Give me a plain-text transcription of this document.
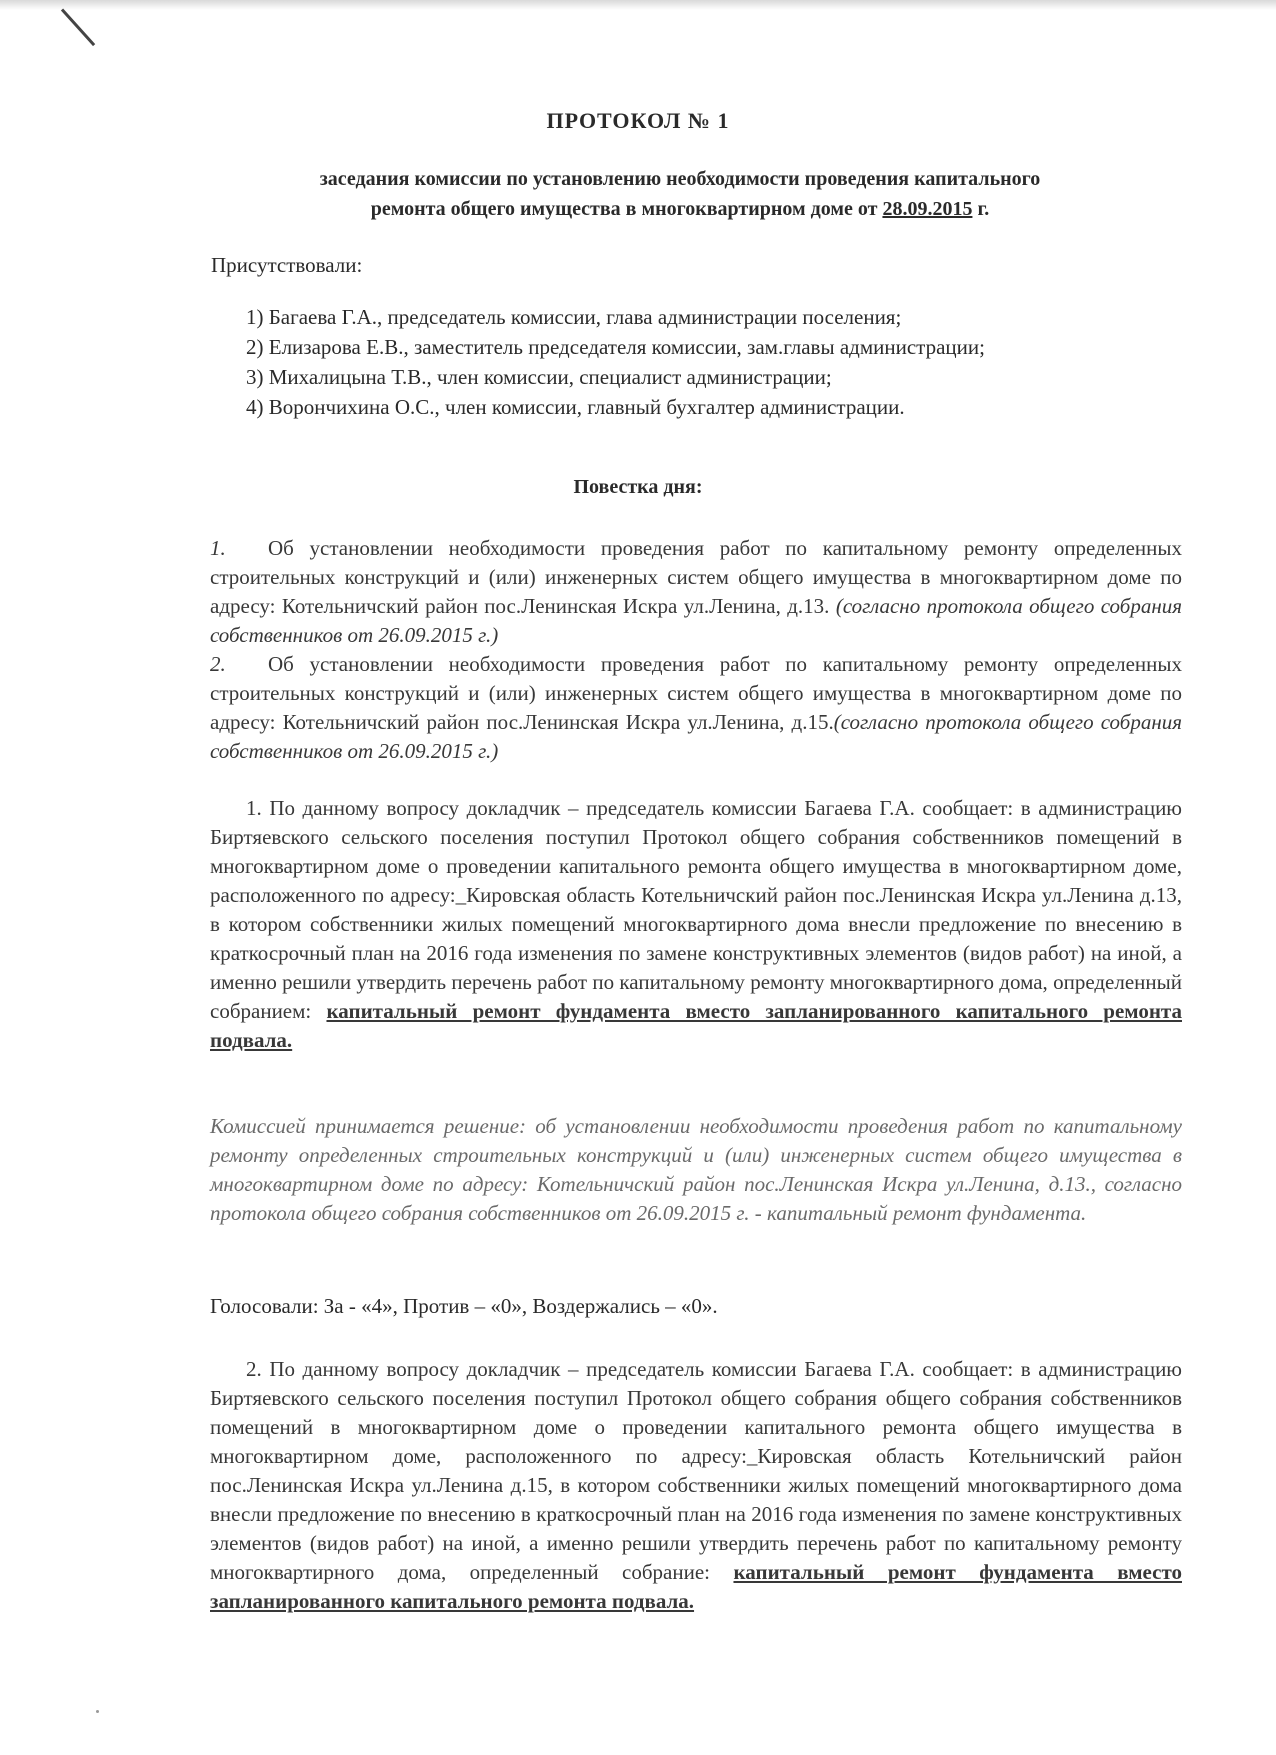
ПРОТОКОЛ № 1

заседания комиссии по установлению необходимости проведения капитального
ремонта общего имущества в многоквартирном доме от 28.09.2015 г.

Присутствовали:

1) Багаева Г.А., председатель комиссии, глава администрации поселения;
2) Елизарова Е.В., заместитель председателя комиссии, зам.главы администрации;
3) Михалицына Т.В., член комиссии, специалист администрации;
4) Ворончихина О.С., член комиссии, главный бухгалтер администрации.

Повестка дня:

1. Об установлении необходимости проведения работ по капитальному ремонту определенных строительных конструкций и (или) инженерных систем общего имущества в многоквартирном доме по адресу: Котельничский район пос.Ленинская Искра ул.Ленина, д.13. (согласно протокола общего собрания собственников от 26.09.2015 г.)
2. Об установлении необходимости проведения работ по капитальному ремонту определенных строительных конструкций и (или) инженерных систем общего имущества в многоквартирном доме по адресу: Котельничский район пос.Ленинская Искра ул.Ленина, д.15.(согласно протокола общего собрания собственников от 26.09.2015 г.)
1. По данному вопросу докладчик – председатель комиссии Багаева Г.А. сообщает: в администрацию Биртяевского сельского поселения поступил Протокол общего собрания собственников помещений в многоквартирном доме о проведении капитального ремонта общего имущества в многоквартирном доме, расположенного по адресу:_Кировская область Котельничский район пос.Ленинская Искра ул.Ленина д.13, в котором собственники жилых помещений многоквартирного дома внесли предложение по внесению в краткосрочный план на 2016 года изменения по замене конструктивных элементов (видов работ) на иной, а именно решили утвердить перечень работ по капитальному ремонту многоквартирного дома, определенный собранием: капитальный ремонт фундамента вместо запланированного капитального ремонта подвала.
Комиссией принимается решение: об установлении необходимости проведения работ по капитальному ремонту определенных строительных конструкций и (или) инженерных систем общего имущества в многоквартирном доме по адресу: Котельничский район пос.Ленинская Искра ул.Ленина, д.13., согласно протокола общего собрания собственников от 26.09.2015 г. - капитальный ремонт фундамента.

Голосовали: За - «4», Против – «0», Воздержались – «0».

2. По данному вопросу докладчик – председатель комиссии Багаева Г.А. сообщает: в администрацию Биртяевского сельского поселения поступил Протокол общего собрания общего собрания собственников помещений в многоквартирном доме о проведении капитального ремонта общего имущества в многоквартирном доме, расположенного по адресу:_Кировская область Котельничский район пос.Ленинская Искра ул.Ленина д.15, в котором собственники жилых помещений многоквартирного дома внесли предложение по внесению в краткосрочный план на 2016 года изменения по замене конструктивных элементов (видов работ) на иной, а именно решили утвердить перечень работ по капитальному ремонту многоквартирного дома, определенный собрание: капитальный ремонт фундамента вместо запланированного капитального ремонта подвала.
